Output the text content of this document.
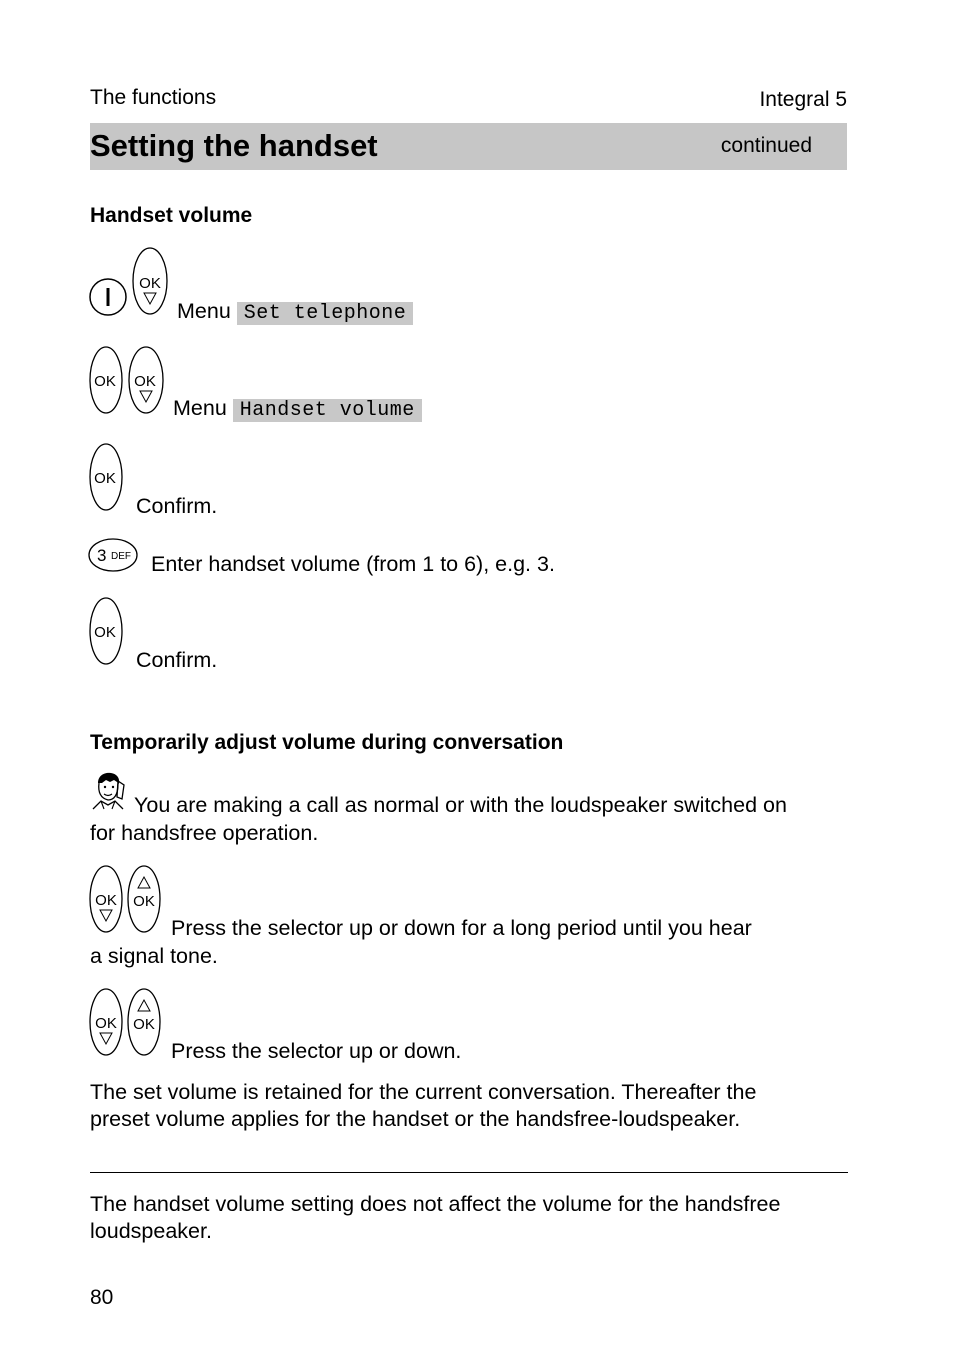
The functions	Integral 5
Setting the handset	continued
Handset volume
OK
Menu Set telephone
OK OK
Menu Handset volume
OK
Confirm.
3 DEF Enter handset volume (from 1 to 6), e.g. 3.
OK
Confirm.
Temporarily adjust volume during conversation
You are making a call as normal or with the loudspeaker switched on
for handsfree operation.
OK OK
Press the selector up or down for a long period until you hear
a signal tone.
OK OK
Press the selector up or down.
The set volume is retained for the current conversation. Thereafter the
preset volume applies for the handset or the handsfree-loudspeaker.
The handset volume setting does not affect the volume for the handsfree
loudspeaker.
80
